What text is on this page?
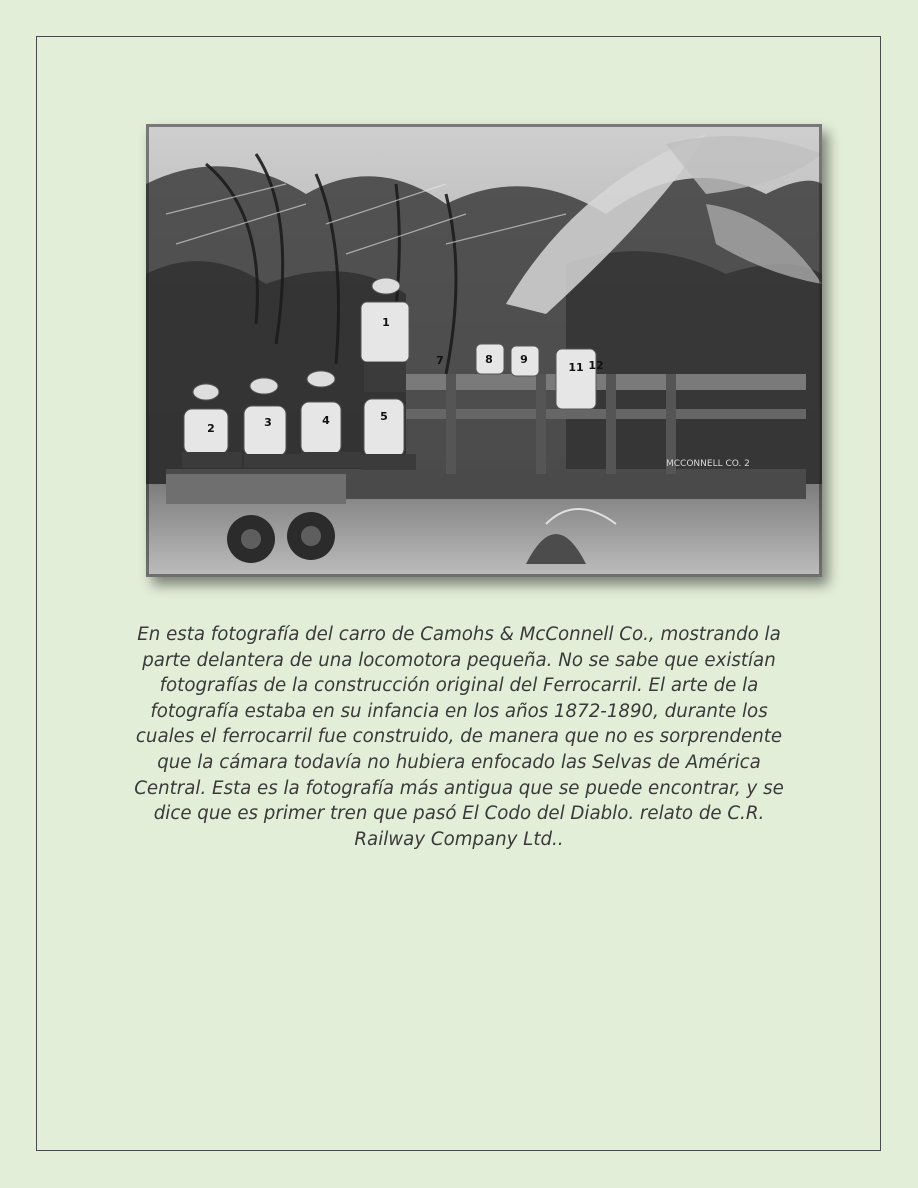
1
2	3	4	5
7	8 9
11 12
MCCONNELL CO. 2

En esta fotografía del carro de Camohs & McConnell Co., mostrando la parte delantera de una locomotora pequeña. No se sabe que existían fotografías de la construcción original del Ferrocarril. El arte de la fotografía estaba en su infancia en los años 1872-1890, durante los cuales el ferrocarril fue construido, de manera que no es sorprendente que la cámara todavía no hubiera enfocado las Selvas de América Central. Esta es la fotografía más antigua que se puede encontrar, y se dice que es primer tren que pasó El Codo del Diablo. relato de C.R. Railway Company Ltd..
